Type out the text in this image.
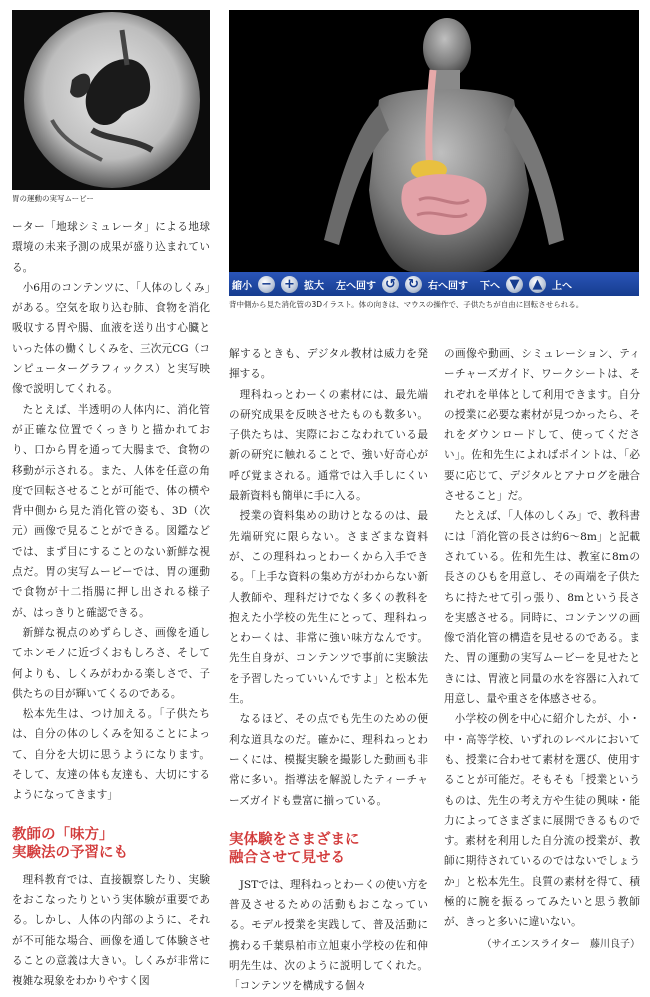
胃の運動の実写ムービー
縮小 − + 拡大	左へ回す ↺ ↻ 右へ回す	下へ ▼ ▲ 上へ
背中側から見た消化管の3Dイラスト。体の向きは、マウスの操作で、子供たちが自由に回転させられる。

ーター「地球シミュレータ」による地球環境の未来予測の成果が盛り込まれている。

小6用のコンテンツに、「人体のしくみ」がある。空気を取り込む肺、食物を消化吸収する胃や腸、血液を送り出す心臓といった体の働くしくみを、三次元CG（コンピューターグラフィックス）と実写映像で説明してくれる。

たとえば、半透明の人体内に、消化管が正確な位置でくっきりと描かれており、口から胃を通って大腸まで、食物の移動が示される。また、人体を任意の角度で回転させることが可能で、体の横や背中側から見た消化管の姿も、3D（次元）画像で見ることができる。図鑑などでは、まず目にすることのない新鮮な視点だ。胃の実写ムービーでは、胃の運動で食物が十二指腸に押し出される様子が、はっきりと確認できる。

新鮮な視点のめずらしさ、画像を通してホンモノに近づくおもしろさ、そして何よりも、しくみがわかる楽しさで、子供たちの目が輝いてくるのである。

松本先生は、つけ加える。「子供たちは、自分の体のしくみを知ることによって、自分を大切に思うようになります。そして、友達の体も友達も、大切にするようになってきます」

教師の「味方」
実験法の予習にも

理科教育では、直接観察したり、実験をおこなったりという実体験が重要である。しかし、人体の内部のように、それが不可能な場合、画像を通して体験させることの意義は大きい。しくみが非常に複雑な現象をわかりやすく図

解するときも、デジタル教材は威力を発揮する。

理科ねっとわーくの素材には、最先端の研究成果を反映させたものも数多い。子供たちは、実際におこなわれている最新の研究に触れることで、強い好奇心が呼び覚まされる。通常では入手しにくい最新資料も簡単に手に入る。

授業の資料集めの助けとなるのは、最先端研究に限らない。さまざまな資料が、この理科ねっとわーくから入手できる。「上手な資料の集め方がわからない新人教師や、理科だけでなく多くの教科を抱えた小学校の先生にとって、理科ねっとわーくは、非常に強い味方なんです。先生自身が、コンテンツで事前に実験法を予習したっていいんですよ」と松本先生。

なるほど、その点でも先生のための便利な道具なのだ。確かに、理科ねっとわーくには、模擬実験を撮影した動画も非常に多い。指導法を解説したティーチャーズガイドも豊富に揃っている。

実体験をさまざまに
融合させて見せる

JSTでは、理科ねっとわーくの使い方を普及させるための活動もおこなっている。モデル授業を実践して、普及活動に携わる千葉県柏市立旭東小学校の佐和伸明先生は、次のように説明してくれた。「コンテンツを構成する個々

の画像や動画、シミュレーション、ティーチャーズガイド、ワークシートは、それぞれを単体として利用できます。自分の授業に必要な素材が見つかったら、それをダウンロードして、使ってください」。佐和先生によればポイントは、「必要に応じて、デジタルとアナログを融合させること」だ。

たとえば、「人体のしくみ」で、教科書には「消化管の長さは約6〜8m」と記載されている。佐和先生は、教室に8mの長さのひもを用意し、その両端を子供たちに持たせて引っ張り、8mという長さを実感させる。同時に、コンテンツの画像で消化管の構造を見せるのである。また、胃の運動の実写ムービーを見せたときには、胃液と同量の水を容器に入れて用意し、量や重さを体感させる。

小学校の例を中心に紹介したが、小・中・高等学校、いずれのレベルにおいても、授業に合わせて素材を選び、使用することが可能だ。そもそも「授業というものは、先生の考え方や生徒の興味・能力によってさまざまに展開できるものです。素材を利用した自分流の授業が、教師に期待されているのではないでしょうか」と松本先生。良質の素材を得て、積極的に腕を振るってみたいと思う教師が、きっと多いに違いない。

（サイエンスライター　藤川良子）
